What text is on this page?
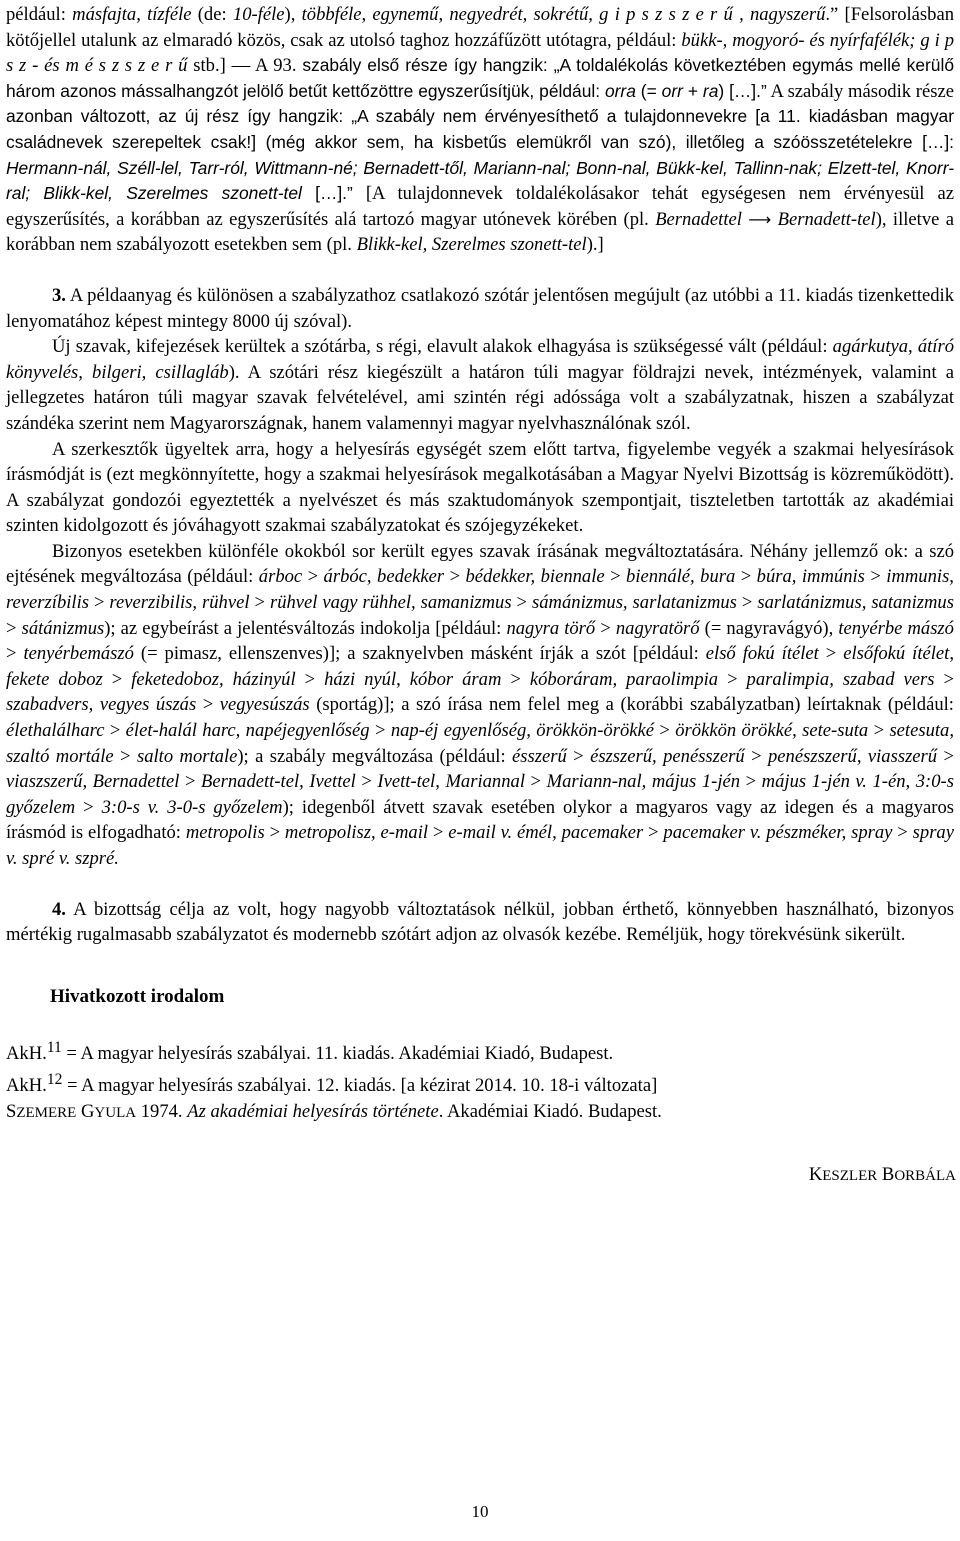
például: másfajta, tízféle (de: 10-féle), többféle, egynemű, negyedrét, sokrétű, g i p s z s z e r ű , nagyszerű.” [Felsorolásban kötőjellel utalunk az elmaradó közös, csak az utolsó taghoz hozzáfűzött utótagra, például: bükk-, mogyoró- és nyírfafélék; g i p s z - és m é s z s z e r ű stb.] — A 93. szabály első része így hangzik: „A toldalékolás következtében egymás mellé kerülő három azonos mássalhangzót jelölő betűt kettőzöttre egyszerűsítjük, például: orra (= orr + ra) […].” A szabály második része azonban változott, az új rész így hangzik: „A szabály nem érvényesíthető a tulajdonnevekre [a 11. kiadásban magyar családnevek szerepeltek csak!] (még akkor sem, ha kisbetűs elemükről van szó), illetőleg a szóösszetételekre […]: Hermann-nál, Széll-lel, Tarr-ról, Wittmann-né; Bernadett-től, Mariann-nal; Bonn-nal, Bükk-kel, Tallinn-nak; Elzett-tel, Knorr-ral; Blikk-kel, Szerelmes szonett-tel […].” [A tulajdonnevek toldalékolásakor tehát egységesen nem érvényesül az egyszerűsítés, a korábban az egyszerűsítés alá tartozó magyar utónevek körében (pl. Bernadettel ⟶ Bernadett-tel), illetve a korábban nem szabályozott esetekben sem (pl. Blikk-kel, Szerelmes szonett-tel).]

3. A példaanyag és különösen a szabályzathoz csatlakozó szótár jelentősen megújult (az utóbbi a 11. kiadás tizenkettedik lenyomatához képest mintegy 8000 új szóval).

Új szavak, kifejezések kerültek a szótárba, s régi, elavult alakok elhagyása is szükségessé vált (például: agárkutya, átíró könyvelés, bilgeri, csillagláb). A szótári rész kiegészült a határon túli magyar földrajzi nevek, intézmények, valamint a jellegzetes határon túli magyar szavak felvételével, ami szintén régi adóssága volt a szabályzatnak, hiszen a szabályzat szándéka szerint nem Magyarországnak, hanem valamennyi magyar nyelvhasználónak szól.

A szerkesztők ügyeltek arra, hogy a helyesírás egységét szem előtt tartva, figyelembe vegyék a szakmai helyesírások írásmódját is (ezt megkönnyítette, hogy a szakmai helyesírások megalkotásában a Magyar Nyelvi Bizottság is közreműködött). A szabályzat gondozói egyeztették a nyelvészet és más szaktudományok szempontjait, tiszteletben tartották az akadémiai szinten kidolgozott és jóváhagyott szakmai szabályzatokat és szójegyzékeket.

Bizonyos esetekben különféle okokból sor került egyes szavak írásának megváltoztatására. Néhány jellemző ok: a szó ejtésének megváltozása (például: árboc > árbóc, bedekker > bédekker, biennale > biennálé, bura > búra, immúnis > immunis, reverzíbilis > reverzibilis, rühvel > rühvel vagy rühhel, samanizmus > sámánizmus, sarlatanizmus > sarlatánizmus, satanizmus > sátánizmus); az egybeírást a jelentésváltozás indokolja [például: nagyra törő > nagyratörő (= nagyravágyó), tenyérbe mászó > tenyérbemászó (= pimasz, ellenszenves)]; a szaknyelvben másként írják a szót [például: első fokú ítélet > elsőfokú ítélet, fekete doboz > feketedoboz, házinyúl > házi nyúl, kóbor áram > kóboráram, paraolimpia > paralimpia, szabad vers > szabadvers, vegyes úszás > vegyesúszás (sportág)]; a szó írása nem felel meg a (korábbi szabályzatban) leírtaknak (például: élethalálharc > élet-halál harc, napéjegyenlőség > nap-éj egyenlőség, örökkön-örökké > örökkön örökké, sete-suta > setesuta, szaltó mortále > salto mortale); a szabály megváltozása (például: ésszerű > észszerű, penésszerű > penészszerű, viasszerű > viaszszerű, Bernadettel > Bernadett-tel, Ivettel > Ivett-tel, Mariannal > Mariann-nal, május 1-jén > május 1-jén v. 1-én, 3:0-s győzelem > 3:0-s v. 3-0-s győzelem); idegenből átvett szavak esetében olykor a magyaros vagy az idegen és a magyaros írásmód is elfogadható: metropolis > metropolisz, e-mail > e-mail v. émél, pacemaker > pacemaker v. pészméker, spray > spray v. spré v. szpré.

4. A bizottság célja az volt, hogy nagyobb változtatások nélkül, jobban érthető, könnyebben használható, bizonyos mértékig rugalmasabb szabályzatot és modernebb szótárt adjon az olvasók kezébe. Reméljük, hogy törekvésünk sikerült.

Hivatkozott irodalom

AkH.$^{11}$ = A magyar helyesírás szabályai. 11. kiadás. Akadémiai Kiadó, Budapest.

AkH.$^{12}$ = A magyar helyesírás szabályai. 12. kiadás. [a kézirat 2014. 10. 18-i változata]

SZEMERE GYULA 1974. Az akadémiai helyesírás története. Akadémiai Kiadó. Budapest.

KESZLER BORBÁLA

10
